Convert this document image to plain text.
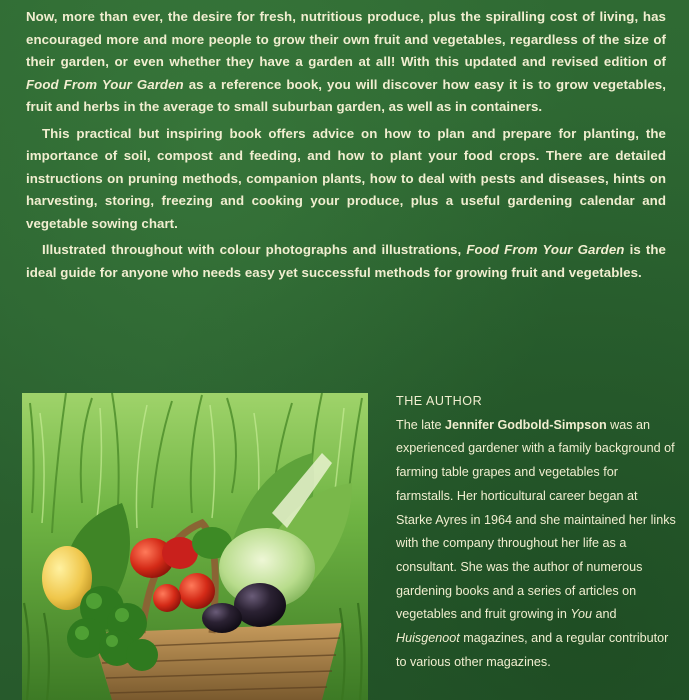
Now, more than ever, the desire for fresh, nutritious produce, plus the spiralling cost of living, has encouraged more and more people to grow their own fruit and vegetables, regardless of the size of their garden, or even whether they have a garden at all! With this updated and revised edition of Food From Your Garden as a reference book, you will discover how easy it is to grow vegetables, fruit and herbs in the average to small suburban garden, as well as in containers.

This practical but inspiring book offers advice on how to plan and prepare for planting, the importance of soil, compost and feeding, and how to plant your food crops. There are detailed instructions on pruning methods, companion plants, how to deal with pests and diseases, hints on harvesting, storing, freezing and cooking your produce, plus a useful gardening calendar and vegetable sowing chart.

Illustrated throughout with colour photographs and illustrations, Food From Your Garden is the ideal guide for anyone who needs easy yet successful methods for growing fruit and vegetables.

THE AUTHOR
The late Jennifer Godbold-Simpson was an experienced gardener with a family background of farming table grapes and vegetables for farmstalls. Her horticultural career began at Starke Ayres in 1964 and she maintained her links with the company throughout her life as a consultant. She was the author of numerous gardening books and a series of articles on vegetables and fruit growing in You and Huisgenoot magazines, and a regular contributor to various other magazines.
